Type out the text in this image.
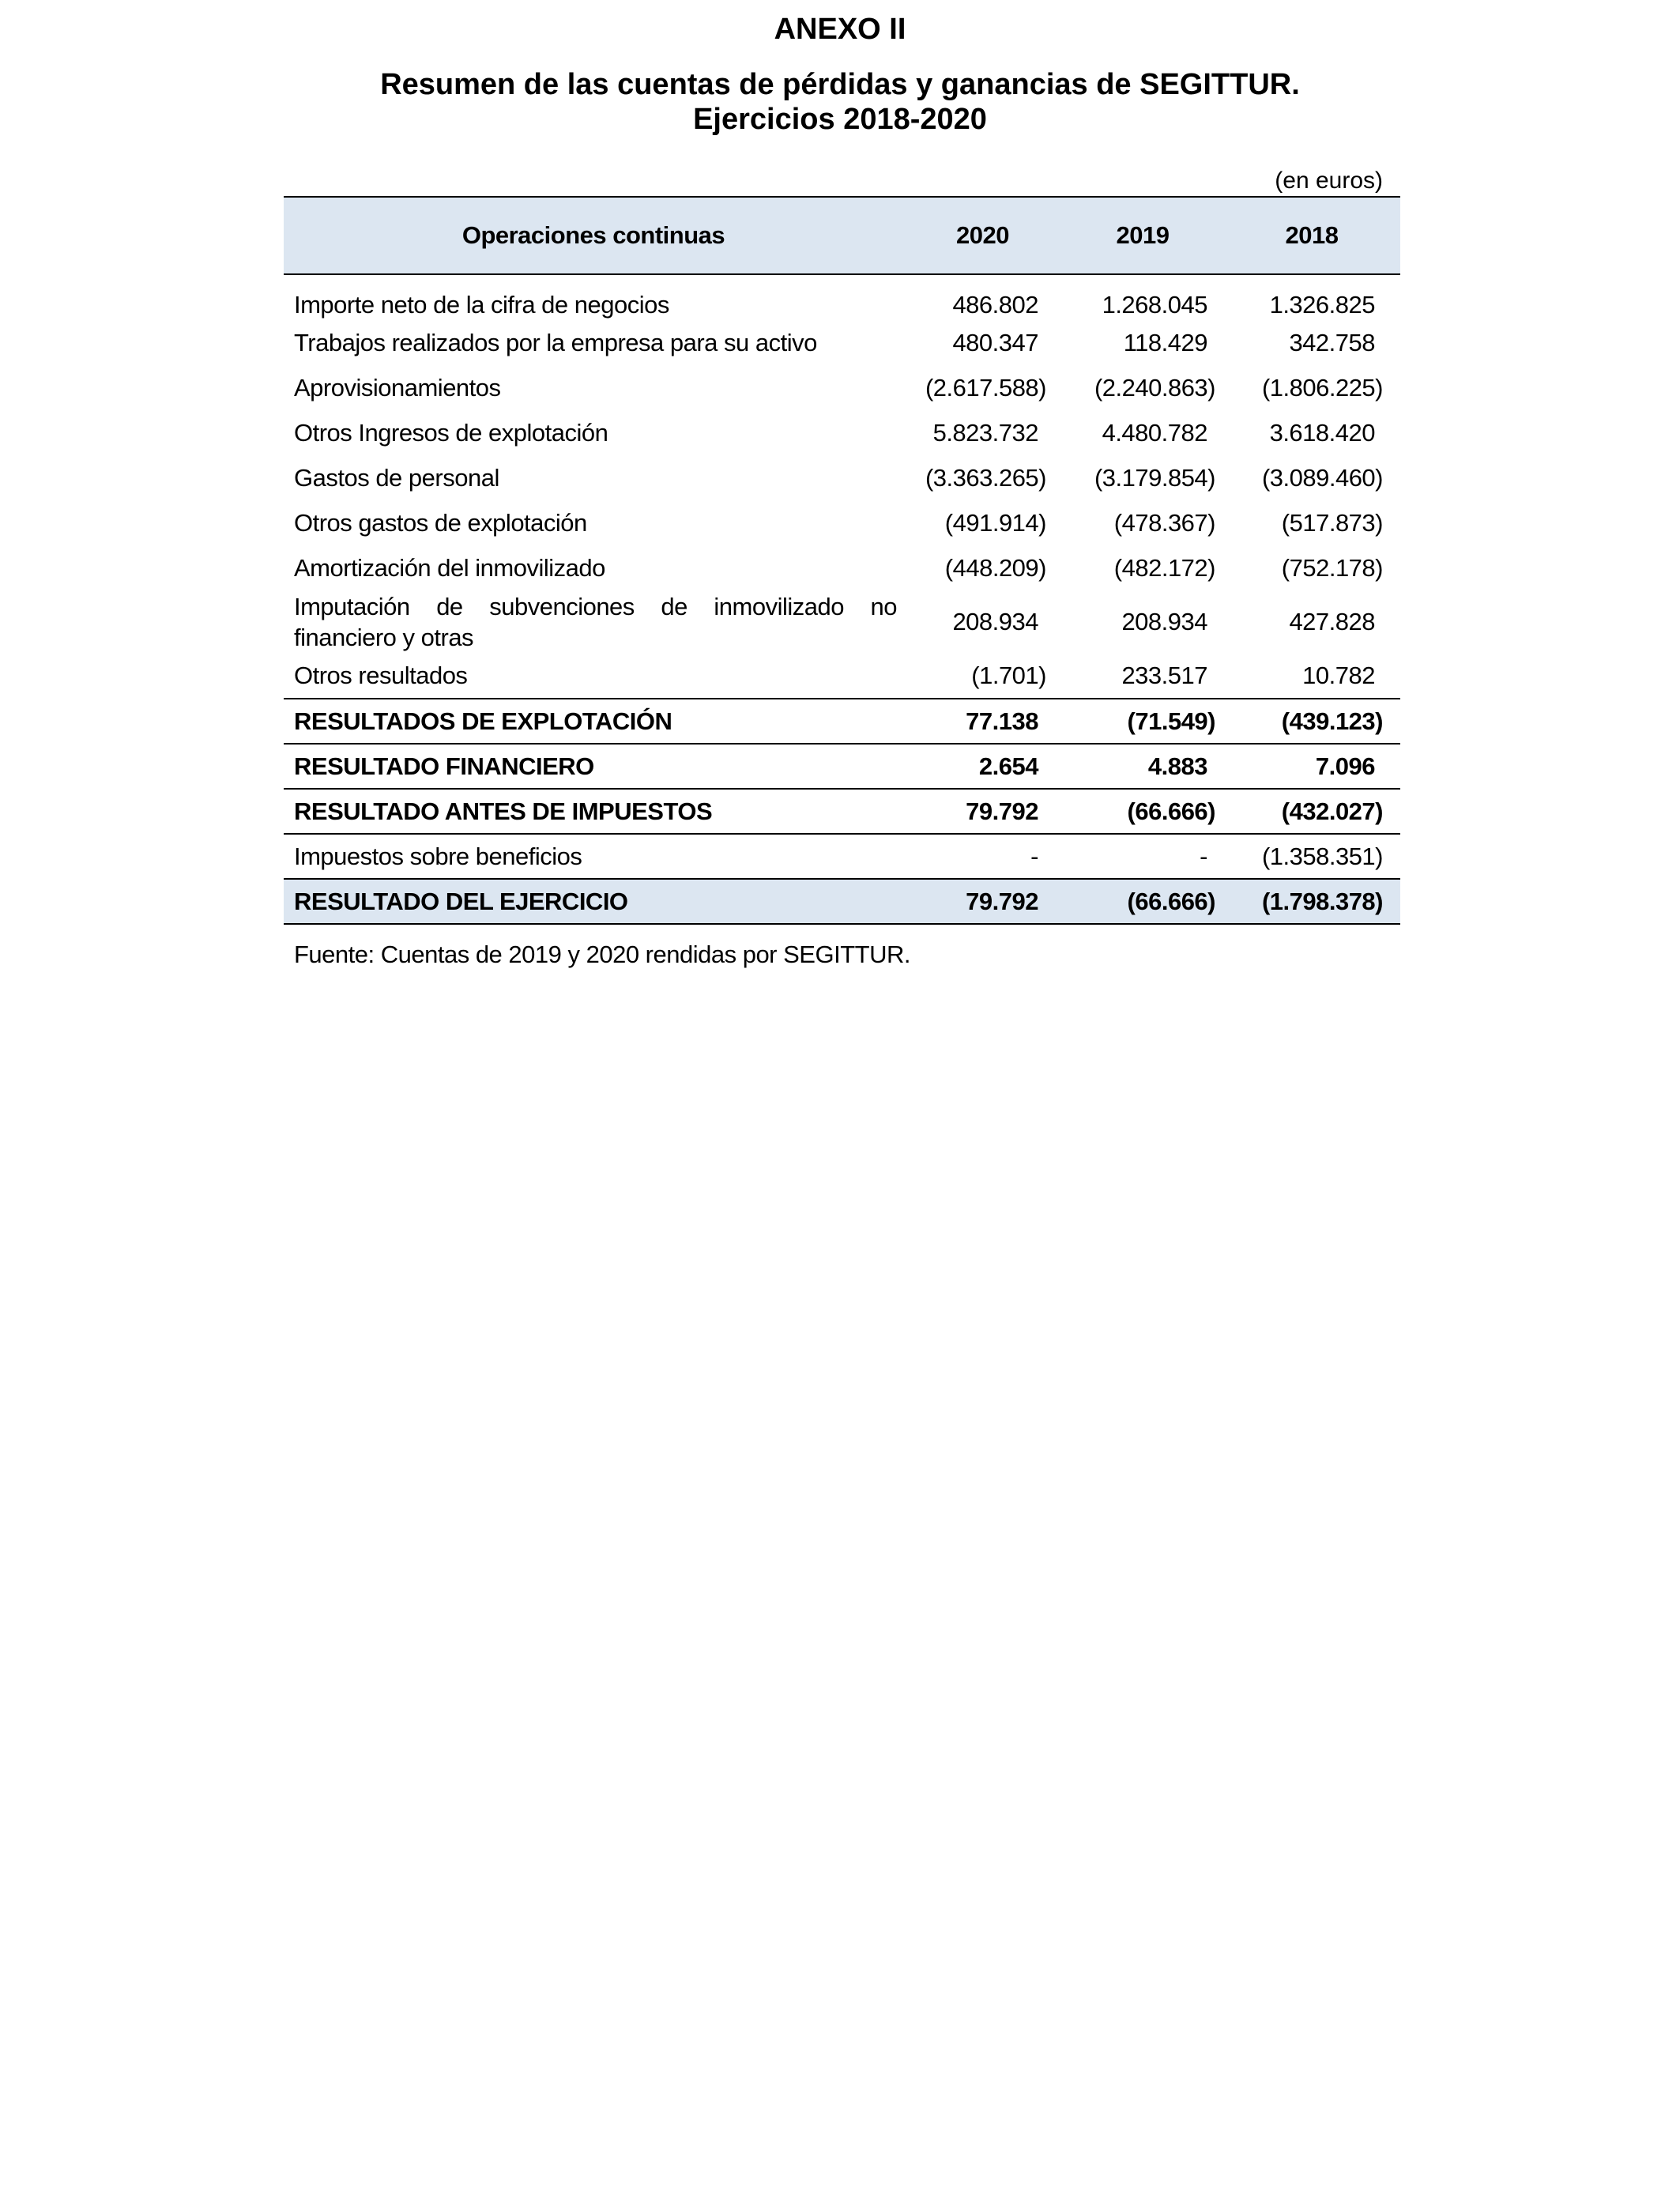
ANEXO II
Resumen de las cuentas de pérdidas y ganancias de SEGITTUR.
Ejercicios 2018-2020
(en euros)
Operaciones continuas	2020	2019	2018
Importe neto de la cifra de negocios	486.802	1.268.045	1.326.825
Trabajos realizados por la empresa para su activo	480.347	118.429	342.758
Aprovisionamientos	(2.617.588)	(2.240.863)	(1.806.225)
Otros Ingresos de explotación	5.823.732	4.480.782	3.618.420
Gastos de personal	(3.363.265)	(3.179.854)	(3.089.460)
Otros gastos de explotación	(491.914)	(478.367)	(517.873)
Amortización del inmovilizado	(448.209)	(482.172)	(752.178)
Imputación de subvenciones de inmovilizado no financiero y otras	208.934	208.934	427.828
Otros resultados	(1.701)	233.517	10.782
RESULTADOS DE EXPLOTACIÓN	77.138	(71.549)	(439.123)
RESULTADO FINANCIERO	2.654	4.883	7.096
RESULTADO ANTES DE IMPUESTOS	79.792	(66.666)	(432.027)
Impuestos sobre beneficios	-	-	(1.358.351)
RESULTADO DEL EJERCICIO	79.792	(66.666)	(1.798.378)
Fuente: Cuentas de 2019 y 2020 rendidas por SEGITTUR.
